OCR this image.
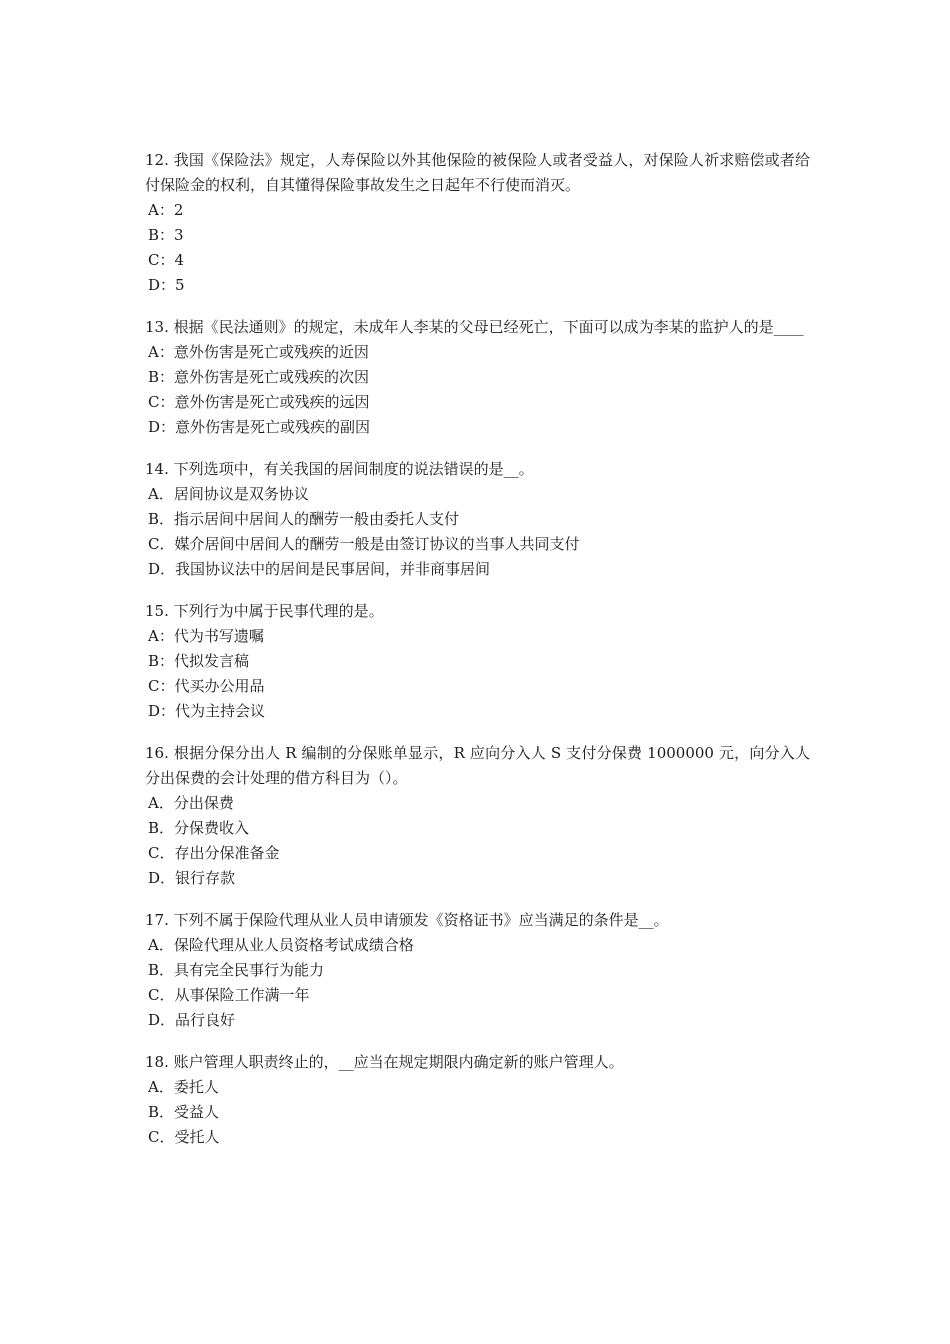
12. 我国《保险法》规定，人寿保险以外其他保险的被保险人或者受益人，对保险人祈求赔偿或者给付保险金的权利，自其懂得保险事故发生之日起年不行使而消灭。

A：2

B：3

C：4

D：5

13. 根据《民法通则》的规定，未成年人李某的父母已经死亡，下面可以成为李某的监护人的是____

A：意外伤害是死亡或残疾的近因

B：意外伤害是死亡或残疾的次因

C：意外伤害是死亡或残疾的远因

D：意外伤害是死亡或残疾的副因

14. 下列选项中，有关我国的居间制度的说法错误的是__。

A．居间协议是双务协议

B．指示居间中居间人的酬劳一般由委托人支付

C．媒介居间中居间人的酬劳一般是由签订协议的当事人共同支付

D．我国协议法中的居间是民事居间，并非商事居间

15. 下列行为中属于民事代理的是。

A：代为书写遗嘱

B：代拟发言稿

C：代买办公用品

D：代为主持会议

16. 根据分保分出人 R 编制的分保账单显示，R 应向分入人 S 支付分保费 1000000 元，向分入人分出保费的会计处理的借方科目为（）。

A．分出保费

B．分保费收入

C．存出分保准备金

D．银行存款

17. 下列不属于保险代理从业人员申请颁发《资格证书》应当满足的条件是__。

A．保险代理从业人员资格考试成绩合格

B．具有完全民事行为能力

C．从事保险工作满一年

D．品行良好

18. 账户管理人职责终止的，__应当在规定期限内确定新的账户管理人。

A．委托人

B．受益人

C．受托人
